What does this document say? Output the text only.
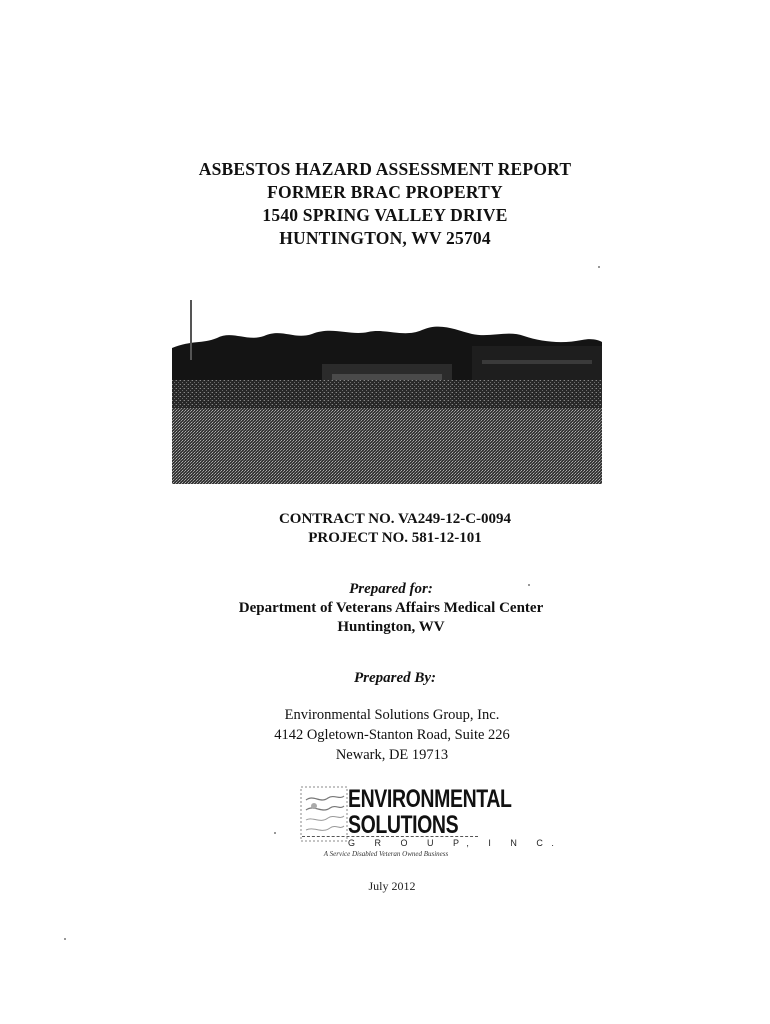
ASBESTOS HAZARD ASSESSMENT REPORT
FORMER BRAC PROPERTY
1540 SPRING VALLEY DRIVE
HUNTINGTON, WV 25704
CONTRACT NO. VA249-12-C-0094
PROJECT NO. 581-12-101
Prepared for:
Department of Veterans Affairs Medical Center
Huntington, WV
Prepared By:
Environmental Solutions Group, Inc.
4142 Ogletown-Stanton Road, Suite 226
Newark, DE 19713
ENVIRONMENTAL
SOLUTIONS
G R O U P, I N C.
A Service Disabled Veteran Owned Business
July 2012
